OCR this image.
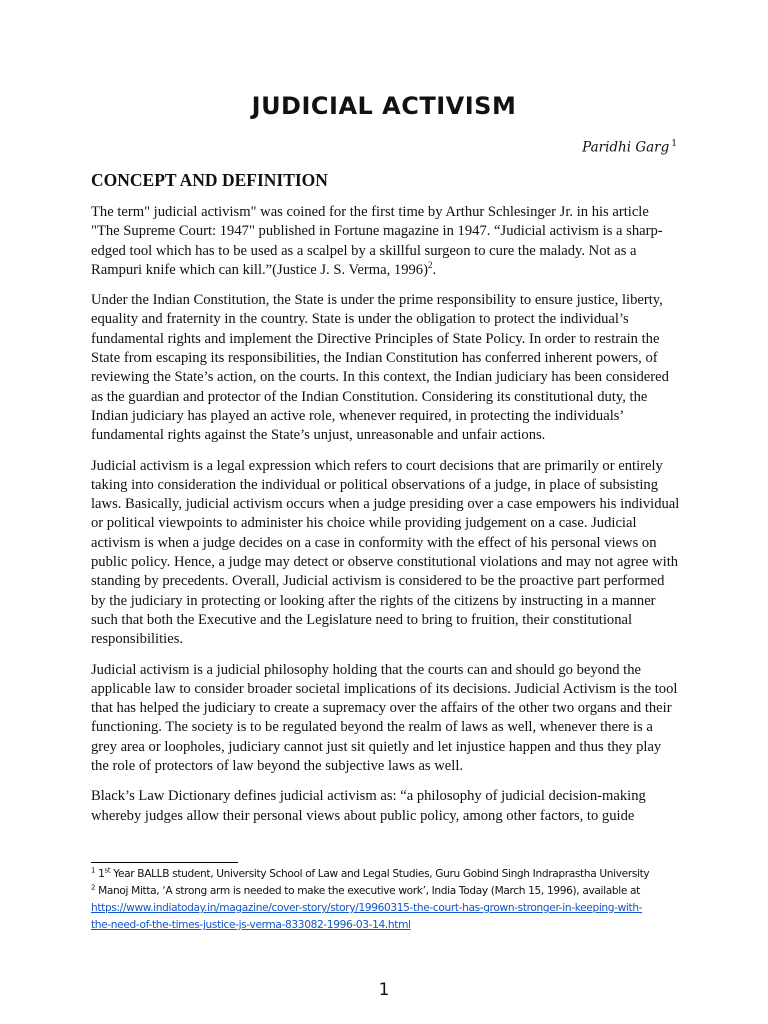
JUDICIAL ACTIVISM
Paridhi Garg $^1$
CONCEPT AND DEFINITION

The term" judicial activism" was coined for the first time by Arthur Schlesinger Jr. in his article "The Supreme Court: 1947" published in Fortune magazine in 1947. “Judicial activism is a sharp-edged tool which has to be used as a scalpel by a skillful surgeon to cure the malady. Not as a Rampuri knife which can kill.”(Justice J. S. Verma, 1996)$^2$.

Under the Indian Constitution, the State is under the prime responsibility to ensure justice, liberty, equality and fraternity in the country. State is under the obligation to protect the individual’s fundamental rights and implement the Directive Principles of State Policy. In order to restrain the State from escaping its responsibilities, the Indian Constitution has conferred inherent powers, of reviewing the State’s action, on the courts. In this context, the Indian judiciary has been considered as the guardian and protector of the Indian Constitution. Considering its constitutional duty, the Indian judiciary has played an active role, whenever required, in protecting the individuals’ fundamental rights against the State’s unjust, unreasonable and unfair actions.

Judicial activism is a legal expression which refers to court decisions that are primarily or entirely taking into consideration the individual or political observations of a judge, in place of subsisting laws. Basically, judicial activism occurs when a judge presiding over a case empowers his individual or political viewpoints to administer his choice while providing judgement on a case. Judicial activism is when a judge decides on a case in conformity with the effect of his personal views on public policy. Hence, a judge may detect or observe constitutional violations and may not agree with standing by precedents. Overall, Judicial activism is considered to be the proactive part performed by the judiciary in protecting or looking after the rights of the citizens by instructing in a manner such that both the Executive and the Legislature need to bring to fruition, their constitutional responsibilities.

Judicial activism is a judicial philosophy holding that the courts can and should go beyond the applicable law to consider broader societal implications of its decisions. Judicial Activism is the tool that has helped the judiciary to create a supremacy over the affairs of the other two organs and their functioning. The society is to be regulated beyond the realm of laws as well, whenever there is a grey area or loopholes, judiciary cannot just sit quietly and let injustice happen and thus they play the role of protectors of law beyond the subjective laws as well.

Black’s Law Dictionary defines judicial activism as: “a philosophy of judicial decision-making whereby judges allow their personal views about public policy, among other factors, to guide

$^1$ 1st Year BALLB student, University School of Law and Legal Studies, Guru Gobind Singh Indraprastha University

$^2$ Manoj Mitta, ‘A strong arm is needed to make the executive work’, India Today (March 15, 1996), available at

https://www.indiatoday.in/magazine/cover-story/story/19960315-the-court-has-grown-stronger-in-keeping-with-
the-need-of-the-times-justice-js-verma-833082-1996-03-14.html
1
